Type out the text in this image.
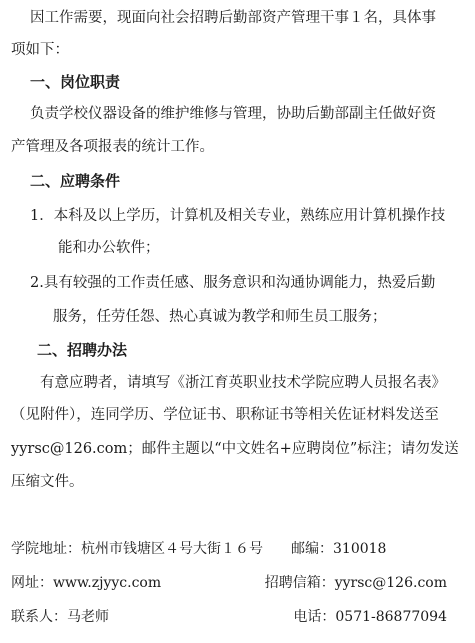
因工作需要，现面向社会招聘后勤部资产管理干事１名，具体事
项如下：
一、岗位职责
负责学校仪器设备的维护维修与管理，协助后勤部副主任做好资
产管理及各项报表的统计工作。
二、应聘条件
1．本科及以上学历，计算机及相关专业，熟练应用计算机操作技
能和办公软件；
2.具有较强的工作责任感、服务意识和沟通协调能力，热爱后勤
服务，任劳任怨、热心真诚为教学和师生员工服务；
二、招聘办法
有意应聘者，请填写《浙江育英职业技术学院应聘人员报名表》
（见附件），连同学历、学位证书、职称证书等相关佐证材料发送至
yyrsc@126.com；邮件主题以“中文姓名+应聘岗位”标注；请勿发送
压缩文件。
学院地址：杭州市钱塘区４号大街１６号　　邮编：310018
网址：www.zjyyc.com	招聘信箱：yyrsc@126.com
联系人：马老师	电话：0571-86877094
